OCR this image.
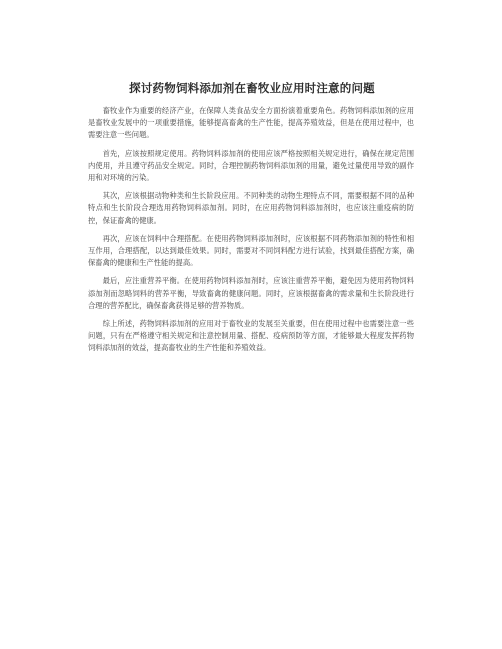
探讨药物饲料添加剂在畜牧业应用时注意的问题

畜牧业作为重要的经济产业，在保障人类食品安全方面扮演着重要角色。药物饲料添加剂的应用是畜牧业发展中的一项重要措施，能够提高畜禽的生产性能，提高养殖效益，但是在使用过程中，也需要注意一些问题。

首先，应该按照规定使用。药物饲料添加剂的使用应该严格按照相关规定进行，确保在规定范围内使用，并且遵守药品安全规定。同时，合理控制药物饲料添加剂的用量，避免过量使用导致的副作用和对环境的污染。

其次，应该根据动物种类和生长阶段应用。不同种类的动物生理特点不同，需要根据不同的品种特点和生长阶段合理选用药物饲料添加剂。同时，在应用药物饲料添加剂时，也应该注重疫病的防控，保证畜禽的健康。

再次，应该在饲料中合理搭配。在使用药物饲料添加剂时，应该根据不同药物添加剂的特性和相互作用，合理搭配，以达到最佳效果。同时，需要对不同饲料配方进行试验，找到最佳搭配方案，确保畜禽的健康和生产性能的提高。

最后，应注重营养平衡。在使用药物饲料添加剂时，应该注重营养平衡，避免因为使用药物饲料添加剂而忽略饲料的营养平衡，导致畜禽的健康问题。同时，应该根据畜禽的需求量和生长阶段进行合理的营养配比，确保畜禽获得足够的营养物质。

综上所述，药物饲料添加剂的应用对于畜牧业的发展至关重要，但在使用过程中也需要注意一些问题，只有在严格遵守相关规定和注意控制用量、搭配、疫病预防等方面，才能够最大程度发挥药物饲料添加剂的效益，提高畜牧业的生产性能和养殖效益。
